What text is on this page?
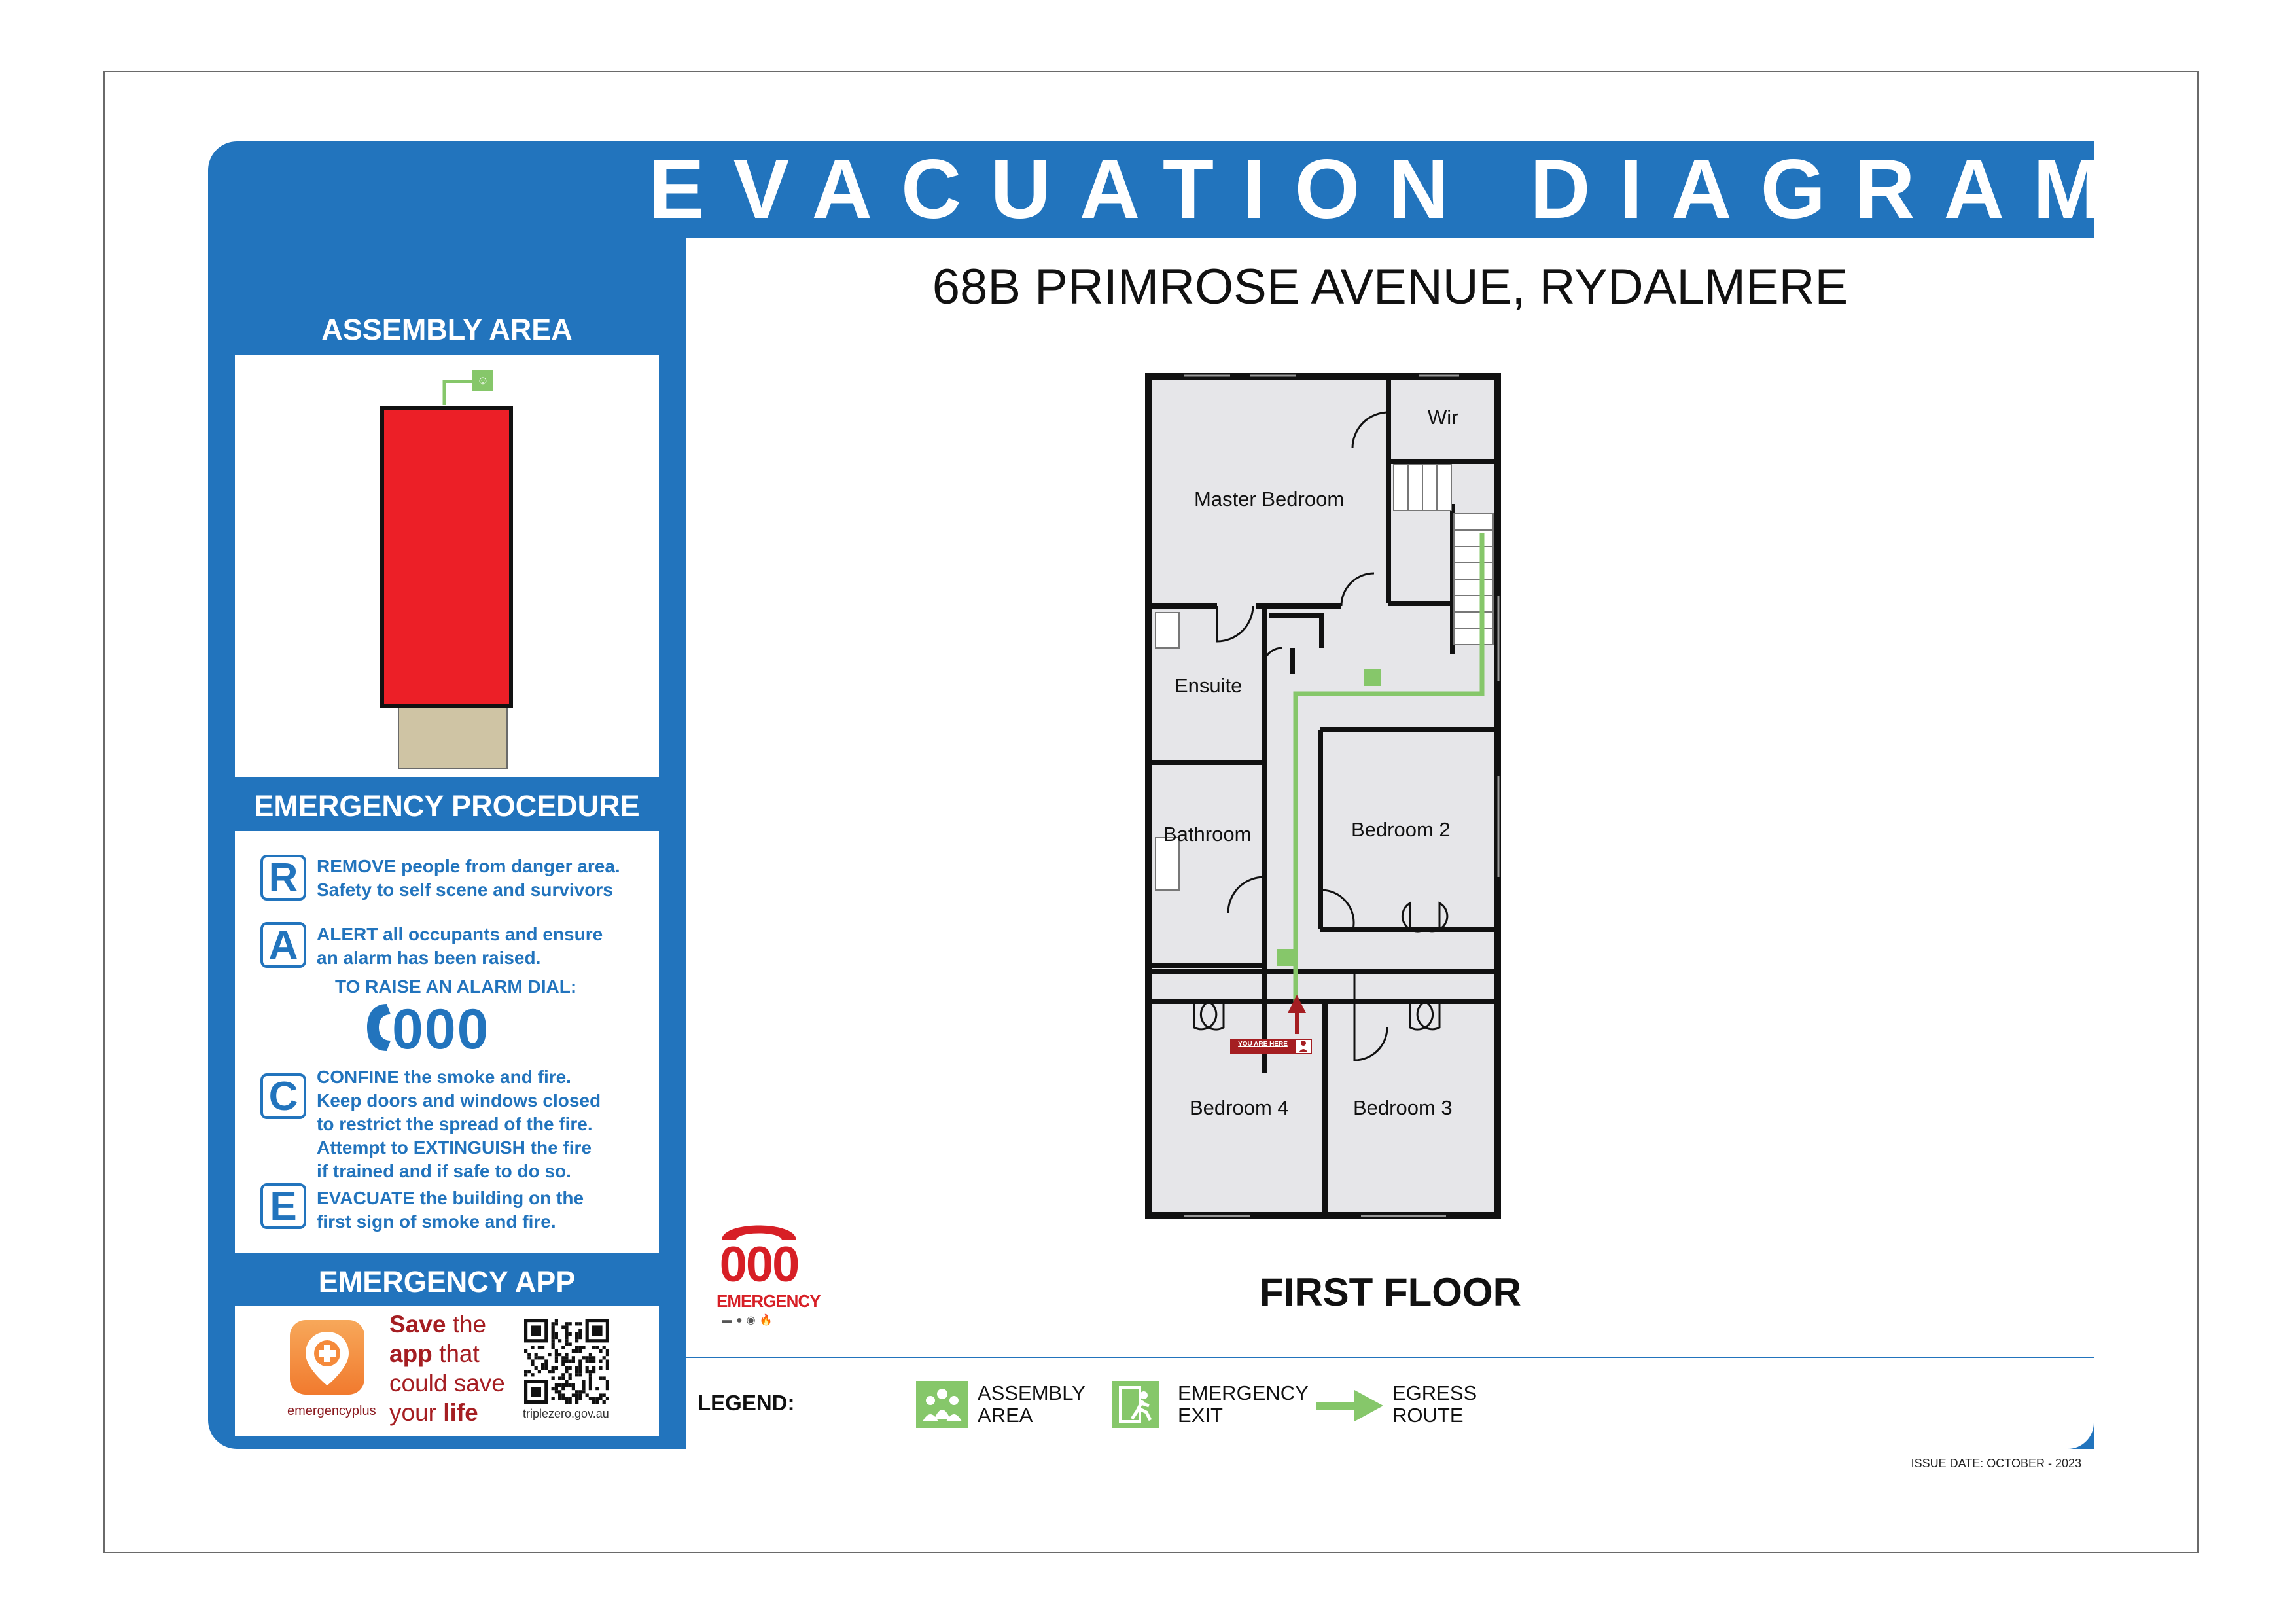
EVACUATION DIAGRAM
68B PRIMROSE AVENUE, RYDALMERE
ASSEMBLY AREA
☺
EMERGENCY PROCEDURE
R	REMOVE people from danger area.
Safety to self scene and survivors
A	ALERT all occupants and ensure
an alarm has been raised.
TO RAISE AN ALARM DIAL:
000
C	CONFINE the smoke and fire.
Keep doors and windows closed
to restrict the spread of the fire.
Attempt to EXTINGUISH the fire
if trained and if safe to do so.
E	EVACUATE the building on the
first sign of smoke and fire.
EMERGENCY APP
emergencyplus
Save the
app that
could save
your life	triplezero.gov.au
Wir
Master Bedroom
Ensuite
Bathroom	Bedroom 2
Bedroom 4	Bedroom 3
YOU ARE HERE
FIRST FLOOR
000
EMERGENCY
▬●◉🔥
LEGEND:	ASSEMBLY
AREA
EMERGENCY
EXIT
EGRESS
ROUTE
ISSUE DATE: OCTOBER - 2023
